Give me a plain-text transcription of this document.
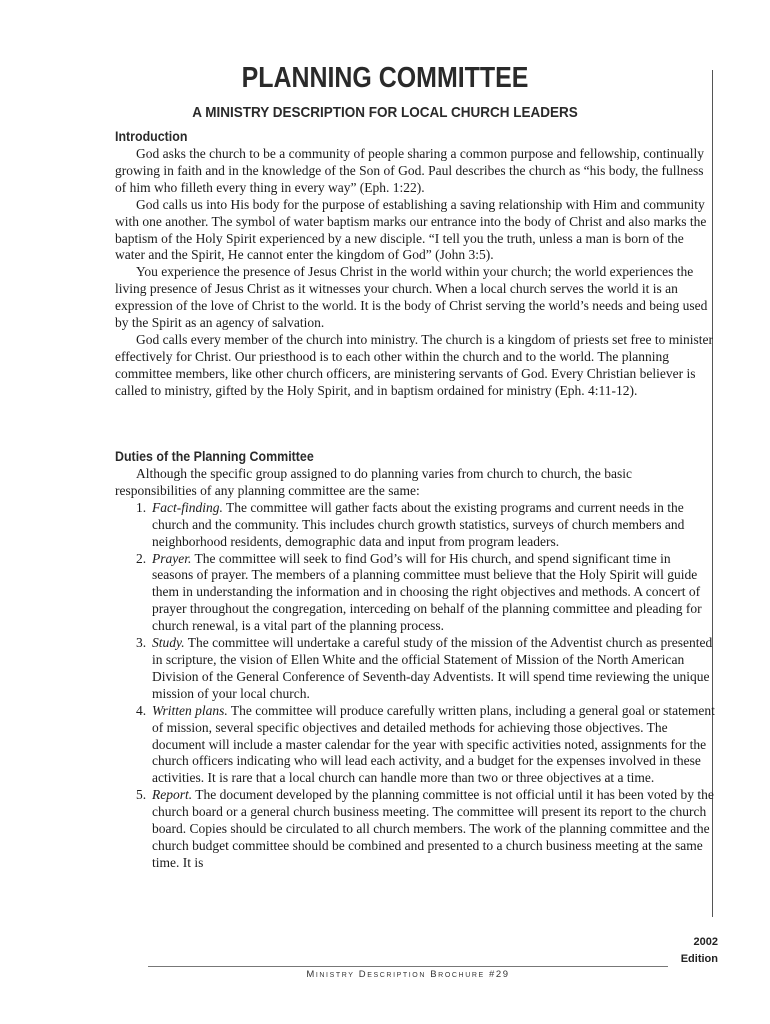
PLANNING COMMITTEE
A MINISTRY DESCRIPTION FOR LOCAL CHURCH LEADERS
Introduction

God asks the church to be a community of people sharing a common purpose and fellowship, continually growing in faith and in the knowledge of the Son of God. Paul describes the church as “his body, the fullness of him who filleth every thing in every way” (Eph. 1:22).

God calls us into His body for the purpose of establishing a saving relationship with Him and community with one another. The symbol of water baptism marks our entrance into the body of Christ and also marks the baptism of the Holy Spirit experienced by a new disciple. “I tell you the truth, unless a man is born of the water and the Spirit, He cannot enter the kingdom of God” (John 3:5).

You experience the presence of Jesus Christ in the world within your church; the world experiences the living presence of Jesus Christ as it witnesses your church. When a local church serves the world it is an expression of the love of Christ to the world. It is the body of Christ serving the world’s needs and being used by the Spirit as an agency of salvation.

God calls every member of the church into ministry. The church is a kingdom of priests set free to minister effectively for Christ. Our priesthood is to each other within the church and to the world. The planning committee members, like other church officers, are ministering servants of God. Every Christian believer is called to ministry, gifted by the Holy Spirit, and in baptism ordained for ministry (Eph. 4:11-12).

Duties of the Planning Committee

Although the specific group assigned to do planning varies from church to church, the basic responsibilities of any planning committee are the same:

1. Fact-finding. The committee will gather facts about the existing programs and current needs in the church and the community. This includes church growth statistics, surveys of church members and neighborhood residents, demographic data and input from program leaders.
2. Prayer. The committee will seek to find God’s will for His church, and spend significant time in seasons of prayer. The members of a planning committee must believe that the Holy Spirit will guide them in understanding the information and in choosing the right objectives and methods. A concert of prayer throughout the congregation, interceding on behalf of the planning committee and pleading for church renewal, is a vital part of the planning process.
3. Study. The committee will undertake a careful study of the mission of the Adventist church as presented in scripture, the vision of Ellen White and the official Statement of Mission of the North American Division of the General Conference of Seventh-day Adventists. It will spend time reviewing the unique mission of your local church.
4. Written plans. The committee will produce carefully written plans, including a general goal or statement of mission, several specific objectives and detailed methods for achieving those objectives. The document will include a master calendar for the year with specific activities noted, assignments for the church officers indicating who will lead each activity, and a budget for the expenses involved in these activities. It is rare that a local church can handle more than two or three objectives at a time.
5. Report. The document developed by the planning committee is not official until it has been voted by the church board or a general church business meeting. The committee will present its report to the church board. Copies should be circulated to all church members. The work of the planning committee and the church budget committee should be combined and presented to a church business meeting at the same time. It is
2002
Edition
Ministry Description Brochure #29
